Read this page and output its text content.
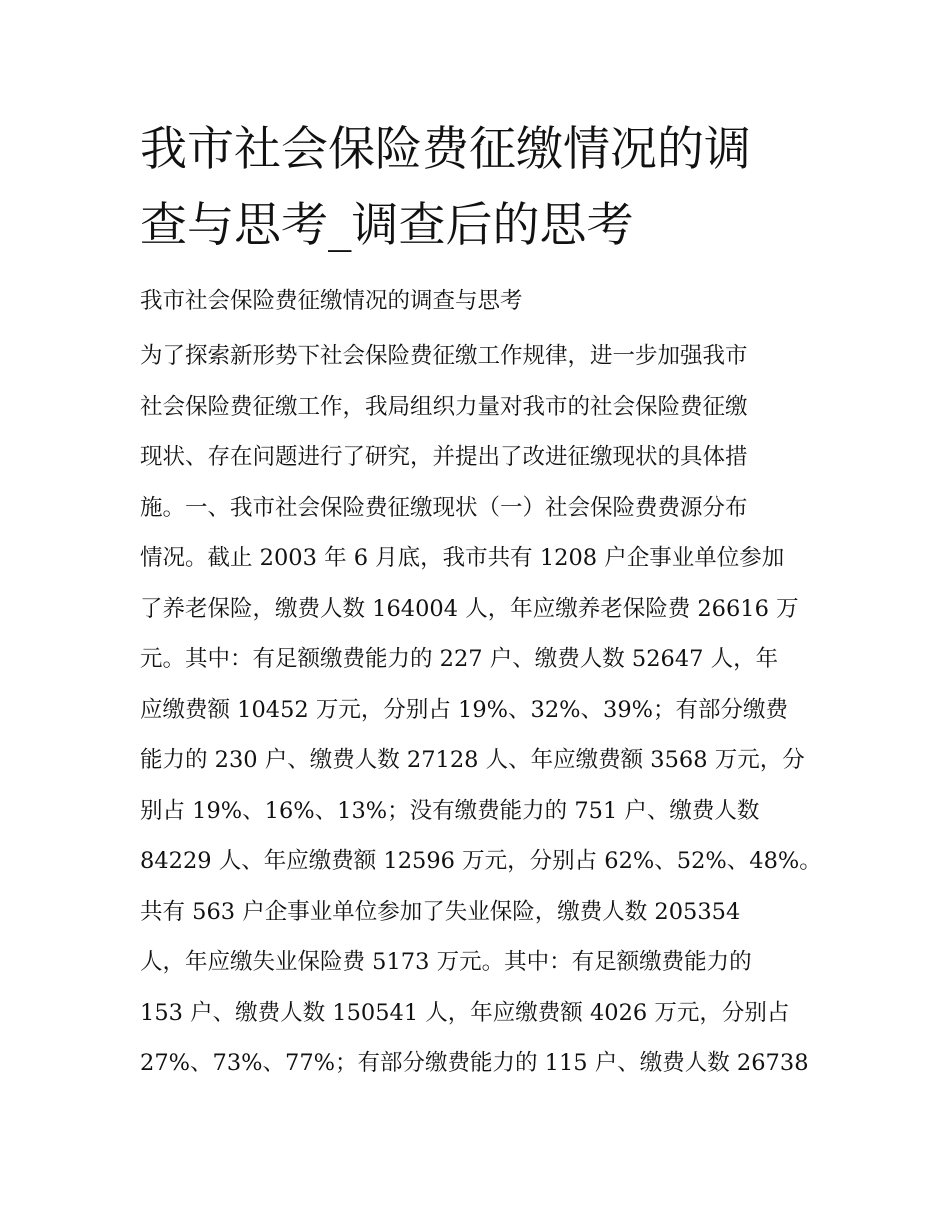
我市社会保险费征缴情况的调
查与思考_调查后的思考

我市社会保险费征缴情况的调查与思考

为了探索新形势下社会保险费征缴工作规律，进一步加强我市
社会保险费征缴工作，我局组织力量对我市的社会保险费征缴
现状、存在问题进行了研究，并提出了改进征缴现状的具体措
施。一、我市社会保险费征缴现状（一）社会保险费费源分布
情况。截止 2003 年 6 月底，我市共有 1208 户企事业单位参加
了养老保险，缴费人数 164004 人，年应缴养老保险费 26616 万
元。其中：有足额缴费能力的 227 户、缴费人数 52647 人，年
应缴费额 10452 万元，分别占 19%、32%、39%；有部分缴费
能力的 230 户、缴费人数 27128 人、年应缴费额 3568 万元，分
别占 19%、16%、13%；没有缴费能力的 751 户、缴费人数
84229 人、年应缴费额 12596 万元，分别占 62%、52%、48%。
共有 563 户企事业单位参加了失业保险，缴费人数 205354
人，年应缴失业保险费 5173 万元。其中：有足额缴费能力的
153 户、缴费人数 150541 人，年应缴费额 4026 万元，分别占
27%、73%、77%；有部分缴费能力的 115 户、缴费人数 26738
